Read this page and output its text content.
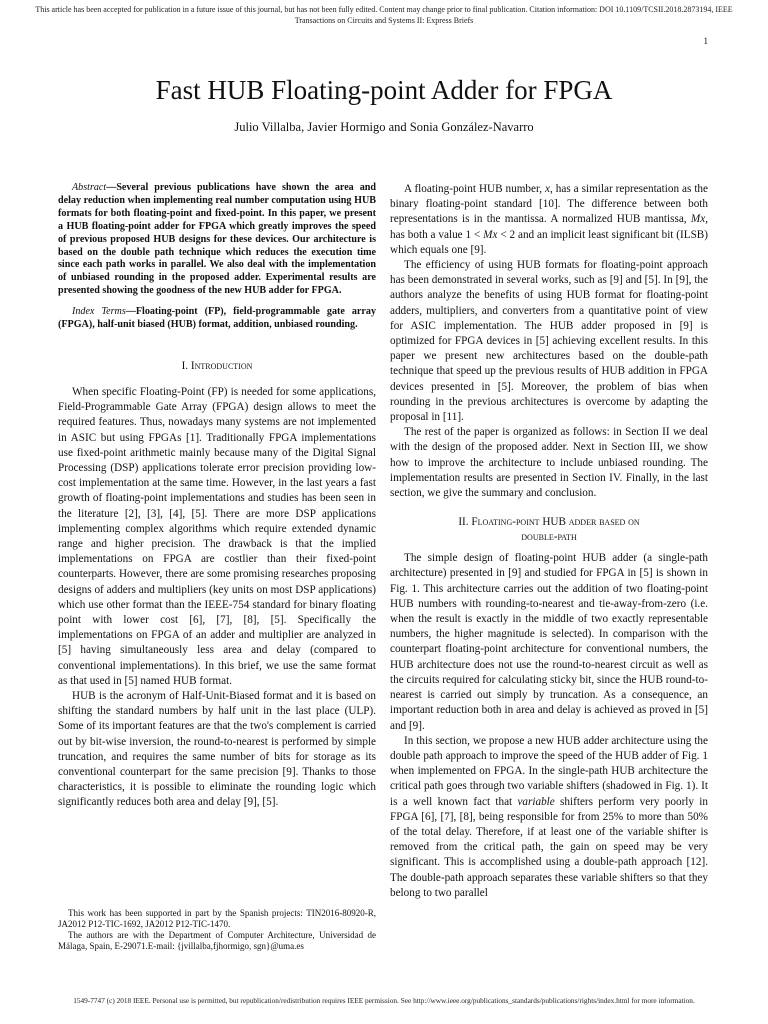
This article has been accepted for publication in a future issue of this journal, but has not been fully edited. Content may change prior to final publication. Citation information: DOI 10.1109/TCSII.2018.2873194, IEEE
Transactions on Circuits and Systems II: Express Briefs
1
Fast HUB Floating-point Adder for FPGA
Julio Villalba, Javier Hormigo and Sonia González-Navarro

Abstract—Several previous publications have shown the area and delay reduction when implementing real number computation using HUB formats for both floating-point and fixed-point. In this paper, we present a HUB floating-point adder for FPGA which greatly improves the speed of previous proposed HUB designs for these devices. Our architecture is based on the double path technique which reduces the execution time since each path works in parallel. We also deal with the implementation of unbiased rounding in the proposed adder. Experimental results are presented showing the goodness of the new HUB adder for FPGA.

Index Terms—Floating-point (FP), field-programmable gate array (FPGA), half-unit biased (HUB) format, addition, unbiased rounding.

I. Introduction

When specific Floating-Point (FP) is needed for some applications, Field-Programmable Gate Array (FPGA) design allows to meet the required features. Thus, nowadays many systems are not implemented in ASIC but using FPGAs [1]. Traditionally FPGA implementations use fixed-point arithmetic mainly because many of the Digital Signal Processing (DSP) applications tolerate error precision providing low-cost implementation at the same time. However, in the last years a fast growth of floating-point implementations and studies has been seen in the literature [2], [3], [4], [5]. There are more DSP applications implementing complex algorithms which require extended dynamic range and higher precision. The drawback is that the implied implementations on FPGA are costlier than their fixed-point counterparts. However, there are some promising researches proposing designs of adders and multipliers (key units on most DSP applications) which use other format than the IEEE-754 standard for binary floating point with lower cost [6], [7], [8], [5]. Specifically the implementations on FPGA of an adder and multiplier are analyzed in [5] having simultaneously less area and delay (compared to conventional implementations). In this brief, we use the same format as that used in [5] named HUB format.

HUB is the acronym of Half-Unit-Biased format and it is based on shifting the standard numbers by half unit in the last place (ULP). Some of its important features are that the two's complement is carried out by bit-wise inversion, the round-to-nearest is performed by simple truncation, and requires the same number of bits for storage as its conventional counterpart for the same precision [9]. Thanks to those characteristics, it is possible to eliminate the rounding logic which significantly reduces both area and delay [9], [5].

This work has been supported in part by the Spanish projects: TIN2016-80920-R, JA2012 P12-TIC-1692, JA2012 P12-TIC-1470.

The authors are with the Department of Computer Architecture, Universidad de Málaga, Spain, E-29071.E-mail: {jvillalba,fjhormigo, sgn}@uma.es

A floating-point HUB number, x, has a similar representation as the binary floating-point standard [10]. The difference between both representations is in the mantissa. A normalized HUB mantissa, Mx, has both a value 1 < Mx < 2 and an implicit least significant bit (ILSB) which equals one [9].

The efficiency of using HUB formats for floating-point approach has been demonstrated in several works, such as [9] and [5]. In [9], the authors analyze the benefits of using HUB format for floating-point adders, multipliers, and converters from a quantitative point of view for ASIC implementation. The HUB adder proposed in [9] is optimized for FPGA devices in [5] achieving excellent results. In this paper we present new architectures based on the double-path technique that speed up the previous results of HUB addition in FPGA devices presented in [5]. Moreover, the problem of bias when rounding in the previous architectures is overcome by adapting the proposal in [11].

The rest of the paper is organized as follows: in Section II we deal with the design of the proposed adder. Next in Section III, we show how to improve the architecture to include unbiased rounding. The implementation results are presented in Section IV. Finally, in the last section, we give the summary and conclusion.

II. Floating-point HUB adder based on
double-path

The simple design of floating-point HUB adder (a single-path architecture) presented in [9] and studied for FPGA in [5] is shown in Fig. 1. This architecture carries out the addition of two floating-point HUB numbers with rounding-to-nearest and tie-away-from-zero (i.e. when the result is exactly in the middle of two exactly representable numbers, the higher magnitude is selected). In comparison with the counterpart floating-point architecture for conventional numbers, the HUB architecture does not use the round-to-nearest circuit as well as the circuits required for calculating sticky bit, since the HUB round-to-nearest is carried out simply by truncation. As a consequence, an important reduction both in area and delay is achieved as proved in [5] and [9].

In this section, we propose a new HUB adder architecture using the double path approach to improve the speed of the HUB adder of Fig. 1 when implemented on FPGA. In the single-path HUB architecture the critical path goes through two variable shifters (shadowed in Fig. 1). It is a well known fact that variable shifters perform very poorly in FPGA [6], [7], [8], being responsible for from 25% to more than 50% of the total delay. Therefore, if at least one of the variable shifter is removed from the critical path, the gain on speed may be very significant. This is accomplished using a double-path approach [12]. The double-path approach separates these variable shifters so that they belong to two parallel

1549-7747 (c) 2018 IEEE. Personal use is permitted, but republication/redistribution requires IEEE permission. See http://www.ieee.org/publications_standards/publications/rights/index.html for more information.
